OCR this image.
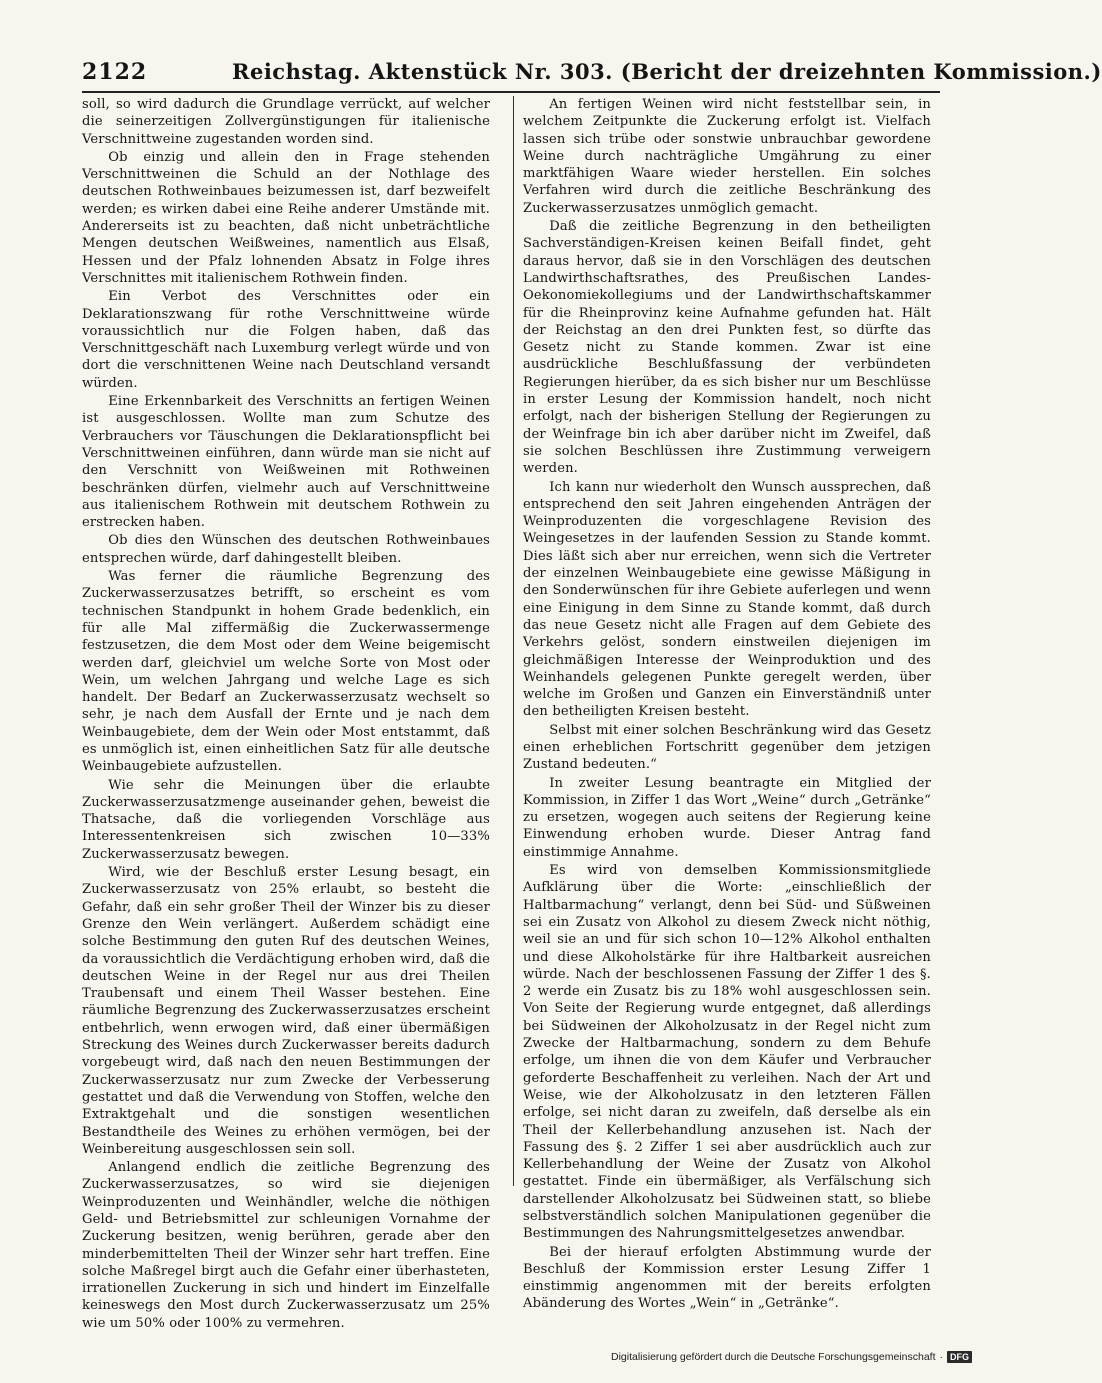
2122	Reichstag. Aktenstück Nr. 303. (Bericht der dreizehnten Kommission.)

soll, so wird dadurch die Grundlage verrückt, auf welcher die seinerzeitigen Zollvergünstigungen für italienische Verschnittweine zugestanden worden sind.

Ob einzig und allein den in Frage stehenden Verschnittweinen die Schuld an der Nothlage des deutschen Rothweinbaues beizumessen ist, darf bezweifelt werden; es wirken dabei eine Reihe anderer Umstände mit. Andererseits ist zu beachten, daß nicht unbeträchtliche Mengen deutschen Weißweines, namentlich aus Elsaß, Hessen und der Pfalz lohnenden Absatz in Folge ihres Verschnittes mit italienischem Rothwein finden.

Ein Verbot des Verschnittes oder ein Deklarationszwang für rothe Verschnittweine würde voraussichtlich nur die Folgen haben, daß das Verschnittgeschäft nach Luxemburg verlegt würde und von dort die verschnittenen Weine nach Deutschland versandt würden.

Eine Erkennbarkeit des Verschnitts an fertigen Weinen ist ausgeschlossen. Wollte man zum Schutze des Verbrauchers vor Täuschungen die Deklarationspflicht bei Verschnittweinen einführen, dann würde man sie nicht auf den Verschnitt von Weißweinen mit Rothweinen beschränken dürfen, vielmehr auch auf Verschnittweine aus italienischem Rothwein mit deutschem Rothwein zu erstrecken haben.

Ob dies den Wünschen des deutschen Rothweinbaues entsprechen würde, darf dahingestellt bleiben.

Was ferner die räumliche Begrenzung des Zuckerwasserzusatzes betrifft, so erscheint es vom technischen Standpunkt in hohem Grade bedenklich, ein für alle Mal ziffermäßig die Zuckerwassermenge festzusetzen, die dem Most oder dem Weine beigemischt werden darf, gleichviel um welche Sorte von Most oder Wein, um welchen Jahrgang und welche Lage es sich handelt. Der Bedarf an Zuckerwasserzusatz wechselt so sehr, je nach dem Ausfall der Ernte und je nach dem Weinbaugebiete, dem der Wein oder Most entstammt, daß es unmöglich ist, einen einheitlichen Satz für alle deutsche Weinbaugebiete aufzustellen.

Wie sehr die Meinungen über die erlaubte Zuckerwasserzusatzmenge auseinander gehen, beweist die Thatsache, daß die vorliegenden Vorschläge aus Interessentenkreisen sich zwischen 10—33% Zuckerwasserzusatz bewegen.

Wird, wie der Beschluß erster Lesung besagt, ein Zuckerwasserzusatz von 25% erlaubt, so besteht die Gefahr, daß ein sehr großer Theil der Winzer bis zu dieser Grenze den Wein verlängert. Außerdem schädigt eine solche Bestimmung den guten Ruf des deutschen Weines, da voraussichtlich die Verdächtigung erhoben wird, daß die deutschen Weine in der Regel nur aus drei Theilen Traubensaft und einem Theil Wasser bestehen. Eine räumliche Begrenzung des Zuckerwasserzusatzes erscheint entbehrlich, wenn erwogen wird, daß einer übermäßigen Streckung des Weines durch Zuckerwasser bereits dadurch vorgebeugt wird, daß nach den neuen Bestimmungen der Zuckerwasserzusatz nur zum Zwecke der Verbesserung gestattet und daß die Verwendung von Stoffen, welche den Extraktgehalt und die sonstigen wesentlichen Bestandtheile des Weines zu erhöhen vermögen, bei der Weinbereitung ausgeschlossen sein soll.

Anlangend endlich die zeitliche Begrenzung des Zuckerwasserzusatzes, so wird sie diejenigen Weinproduzenten und Weinhändler, welche die nöthigen Geld- und Betriebsmittel zur schleunigen Vornahme der Zuckerung besitzen, wenig berühren, gerade aber den minderbemittelten Theil der Winzer sehr hart treffen. Eine solche Maßregel birgt auch die Gefahr einer überhasteten, irrationellen Zuckerung in sich und hindert im Einzelfalle keineswegs den Most durch Zuckerwasserzusatz um 25% wie um 50% oder 100% zu vermehren.

An fertigen Weinen wird nicht feststellbar sein, in welchem Zeitpunkte die Zuckerung erfolgt ist. Vielfach lassen sich trübe oder sonstwie unbrauchbar gewordene Weine durch nachträgliche Umgährung zu einer marktfähigen Waare wieder herstellen. Ein solches Verfahren wird durch die zeitliche Beschränkung des Zuckerwasserzusatzes unmöglich gemacht.

Daß die zeitliche Begrenzung in den betheiligten Sachverständigen-Kreisen keinen Beifall findet, geht daraus hervor, daß sie in den Vorschlägen des deutschen Landwirthschaftsrathes, des Preußischen Landes-Oekonomiekollegiums und der Landwirthschaftskammer für die Rheinprovinz keine Aufnahme gefunden hat. Hält der Reichstag an den drei Punkten fest, so dürfte das Gesetz nicht zu Stande kommen. Zwar ist eine ausdrückliche Beschlußfassung der verbündeten Regierungen hierüber, da es sich bisher nur um Beschlüsse in erster Lesung der Kommission handelt, noch nicht erfolgt, nach der bisherigen Stellung der Regierungen zu der Weinfrage bin ich aber darüber nicht im Zweifel, daß sie solchen Beschlüssen ihre Zustimmung verweigern werden.

Ich kann nur wiederholt den Wunsch aussprechen, daß entsprechend den seit Jahren eingehenden Anträgen der Weinproduzenten die vorgeschlagene Revision des Weingesetzes in der laufenden Session zu Stande kommt. Dies läßt sich aber nur erreichen, wenn sich die Vertreter der einzelnen Weinbaugebiete eine gewisse Mäßigung in den Sonderwünschen für ihre Gebiete auferlegen und wenn eine Einigung in dem Sinne zu Stande kommt, daß durch das neue Gesetz nicht alle Fragen auf dem Gebiete des Verkehrs gelöst, sondern einstweilen diejenigen im gleichmäßigen Interesse der Weinproduktion und des Weinhandels gelegenen Punkte geregelt werden, über welche im Großen und Ganzen ein Einverständniß unter den betheiligten Kreisen besteht.

Selbst mit einer solchen Beschränkung wird das Gesetz einen erheblichen Fortschritt gegenüber dem jetzigen Zustand bedeuten.“

In zweiter Lesung beantragte ein Mitglied der Kommission, in Ziffer 1 das Wort „Weine“ durch „Getränke“ zu ersetzen, wogegen auch seitens der Regierung keine Einwendung erhoben wurde. Dieser Antrag fand einstimmige Annahme.

Es wird von demselben Kommissionsmitgliede Aufklärung über die Worte: „einschließlich der Haltbarmachung“ verlangt, denn bei Süd- und Süßweinen sei ein Zusatz von Alkohol zu diesem Zweck nicht nöthig, weil sie an und für sich schon 10—12% Alkohol enthalten und diese Alkoholstärke für ihre Haltbarkeit ausreichen würde. Nach der beschlossenen Fassung der Ziffer 1 des §. 2 werde ein Zusatz bis zu 18% wohl ausgeschlossen sein. Von Seite der Regierung wurde entgegnet, daß allerdings bei Südweinen der Alkoholzusatz in der Regel nicht zum Zwecke der Haltbarmachung, sondern zu dem Behufe erfolge, um ihnen die von dem Käufer und Verbraucher geforderte Beschaffenheit zu verleihen. Nach der Art und Weise, wie der Alkoholzusatz in den letzteren Fällen erfolge, sei nicht daran zu zweifeln, daß derselbe als ein Theil der Kellerbehandlung anzusehen ist. Nach der Fassung des §. 2 Ziffer 1 sei aber ausdrücklich auch zur Kellerbehandlung der Weine der Zusatz von Alkohol gestattet. Finde ein übermäßiger, als Verfälschung sich darstellender Alkoholzusatz bei Südweinen statt, so bliebe selbstverständlich solchen Manipulationen gegenüber die Bestimmungen des Nahrungsmittelgesetzes anwendbar.

Bei der hierauf erfolgten Abstimmung wurde der Beschluß der Kommission erster Lesung Ziffer 1 einstimmig angenommen mit der bereits erfolgten Abänderung des Wortes „Wein“ in „Getränke“.

Digitalisierung gefördert durch die Deutsche Forschungsgemeinschaft · DFG
